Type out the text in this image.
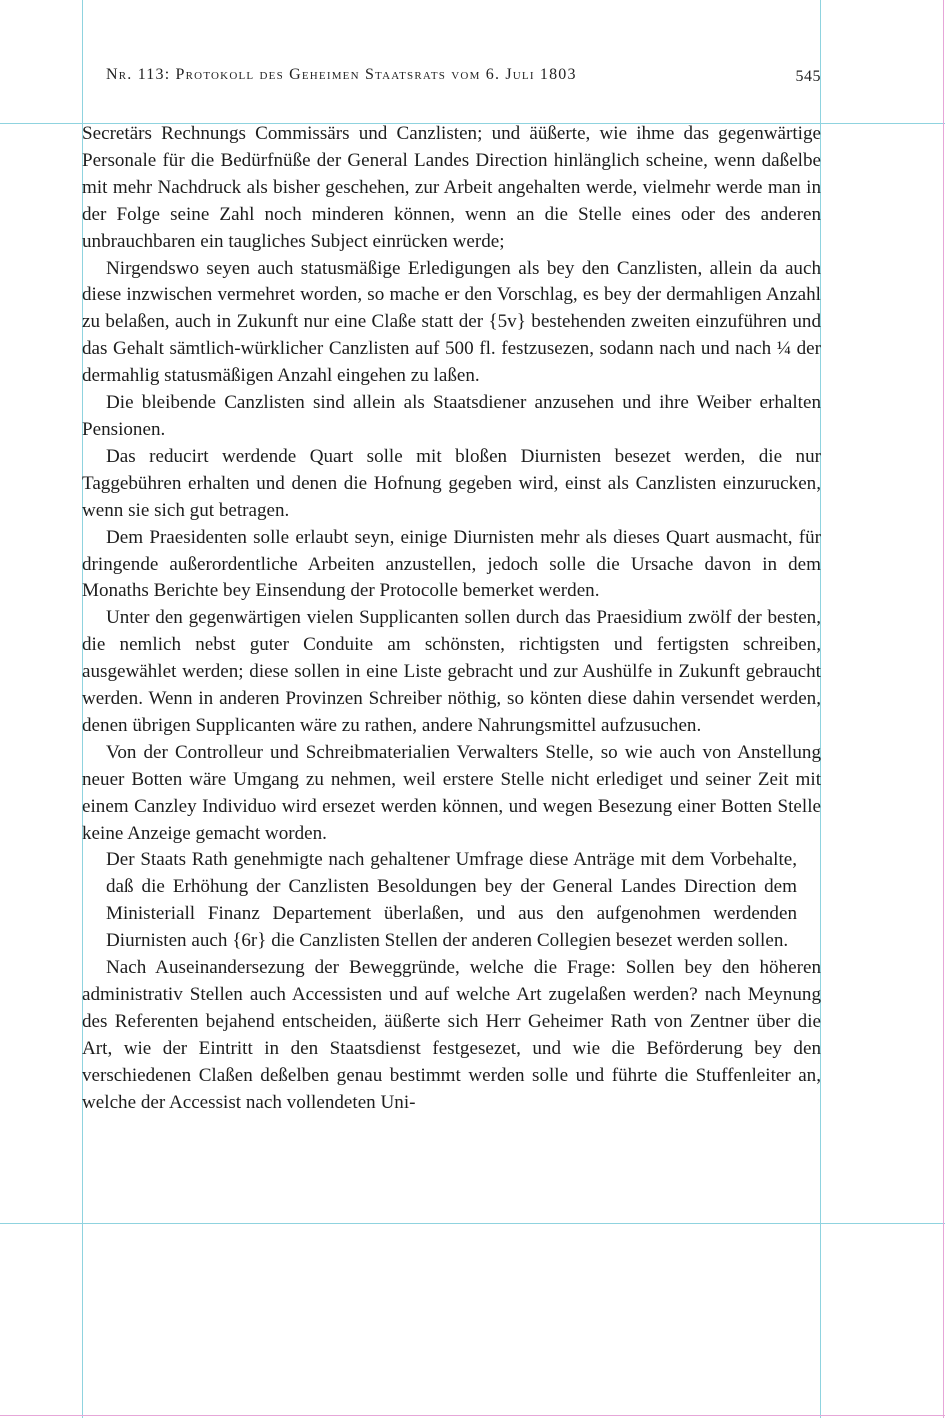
Nr. 113: Protokoll des Geheimen Staatsrats vom 6. Juli 1803	545

Secretärs Rechnungs Commissärs und Canzlisten; und äüßerte, wie ihme das gegenwärtige Personale für die Bedürfnüße der General Landes Direction hinlänglich scheine, wenn daßelbe mit mehr Nachdruck als bisher geschehen, zur Arbeit angehalten werde, vielmehr werde man in der Folge seine Zahl noch minderen können, wenn an die Stelle eines oder des anderen unbrauchbaren ein taugliches Subject einrücken werde;

Nirgendswo seyen auch statusmäßige Erledigungen als bey den Canzlisten, allein da auch diese inzwischen vermehret worden, so mache er den Vorschlag, es bey der dermahligen Anzahl zu belaßen, auch in Zukunft nur eine Claße statt der {5v} bestehenden zweiten einzuführen und das Gehalt sämtlich-würklicher Canzlisten auf 500 fl. festzusezen, sodann nach und nach ¼ der dermahlig statusmäßigen Anzahl eingehen zu laßen.

Die bleibende Canzlisten sind allein als Staatsdiener anzusehen und ihre Weiber erhalten Pensionen.

Das reducirt werdende Quart solle mit bloßen Diurnisten besezet werden, die nur Taggebühren erhalten und denen die Hofnung gegeben wird, einst als Canzlisten einzurucken, wenn sie sich gut betragen.

Dem Praesidenten solle erlaubt seyn, einige Diurnisten mehr als dieses Quart ausmacht, für dringende außerordentliche Arbeiten anzustellen, jedoch solle die Ursache davon in dem Monaths Berichte bey Einsendung der Protocolle bemerket werden.

Unter den gegenwärtigen vielen Supplicanten sollen durch das Praesidium zwölf der besten, die nemlich nebst guter Conduite am schönsten, richtigsten und fertigsten schreiben, ausgewählet werden; diese sollen in eine Liste gebracht und zur Aushülfe in Zukunft gebraucht werden. Wenn in anderen Provinzen Schreiber nöthig, so könten diese dahin versendet werden, denen übrigen Supplicanten wäre zu rathen, andere Nahrungsmittel aufzusuchen.

Von der Controlleur und Schreibmaterialien Verwalters Stelle, so wie auch von Anstellung neuer Botten wäre Umgang zu nehmen, weil erstere Stelle nicht erlediget und seiner Zeit mit einem Canzley Individuo wird ersezet werden können, und wegen Besezung einer Botten Stelle keine Anzeige gemacht worden.

Der Staats Rath genehmigte nach gehaltener Umfrage diese Anträge mit dem Vorbehalte, daß die Erhöhung der Canzlisten Besoldungen bey der General Landes Direction dem Ministeriall Finanz Departement überlaßen, und aus den aufgenohmen werdenden Diurnisten auch {6r} die Canzlisten Stellen der anderen Collegien besezet werden sollen.

Nach Auseinandersezung der Beweggründe, welche die Frage: Sollen bey den höheren administrativ Stellen auch Accessisten und auf welche Art zugelaßen werden? nach Meynung des Referenten bejahend entscheiden, äüßerte sich Herr Geheimer Rath von Zentner über die Art, wie der Eintritt in den Staatsdienst festgesezet, und wie die Beförderung bey den verschiedenen Claßen deßelben genau bestimmt werden solle und führte die Stuffenleiter an, welche der Accessist nach vollendeten Uni-
